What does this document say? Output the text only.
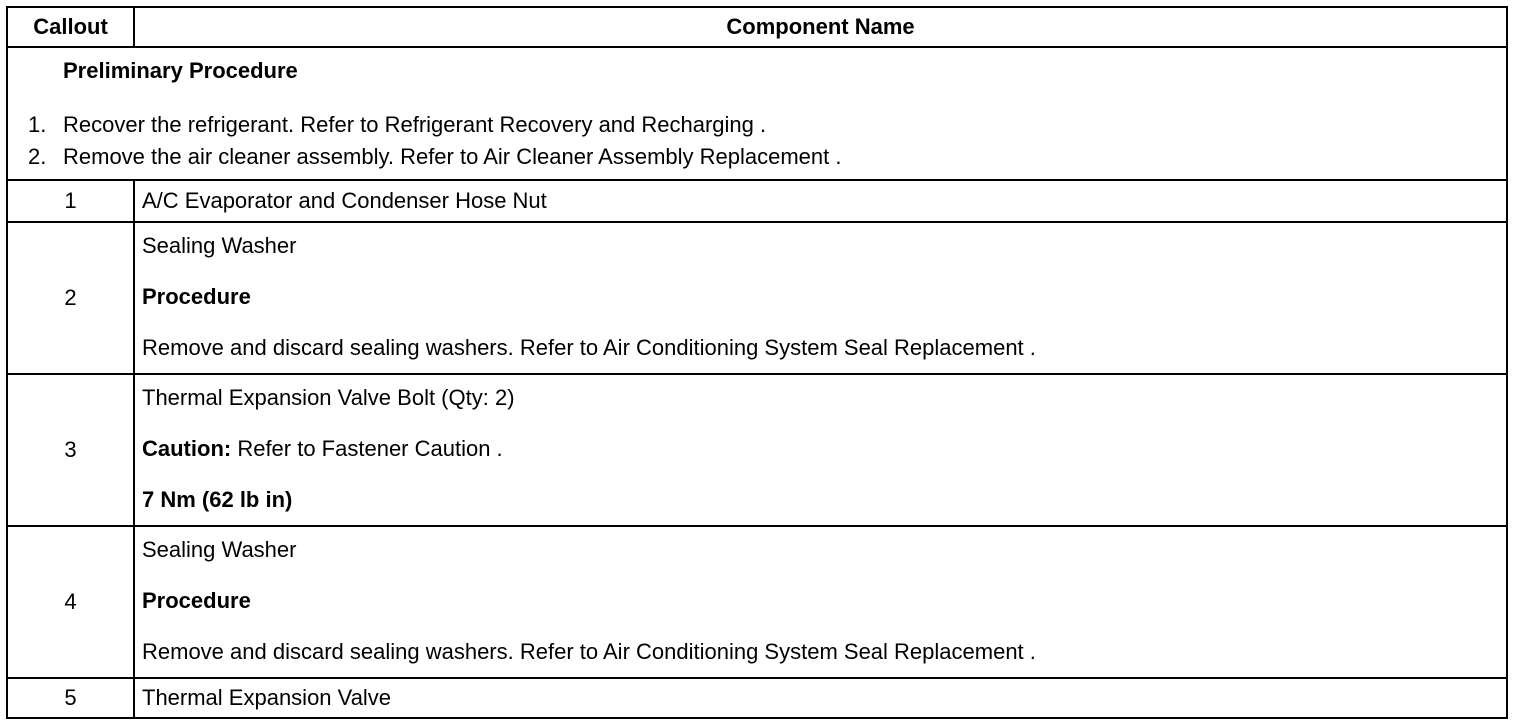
Callout	Component Name

Preliminary Procedure
1. Recover the refrigerant. Refer to Refrigerant Recovery and Recharging .
2. Remove the air cleaner assembly. Refer to Air Cleaner Assembly Replacement .	

1	A/C Evaporator and Condenser Hose Nut
2	Sealing Washer
Procedure
Remove and discard sealing washers. Refer to Air Conditioning System Seal Replacement .

3	Thermal Expansion Valve Bolt (Qty: 2)
Caution: Refer to Fastener Caution .
7 Nm (62 lb in)

4	Sealing Washer
Procedure
Remove and discard sealing washers. Refer to Air Conditioning System Seal Replacement .

5	Thermal Expansion Valve
